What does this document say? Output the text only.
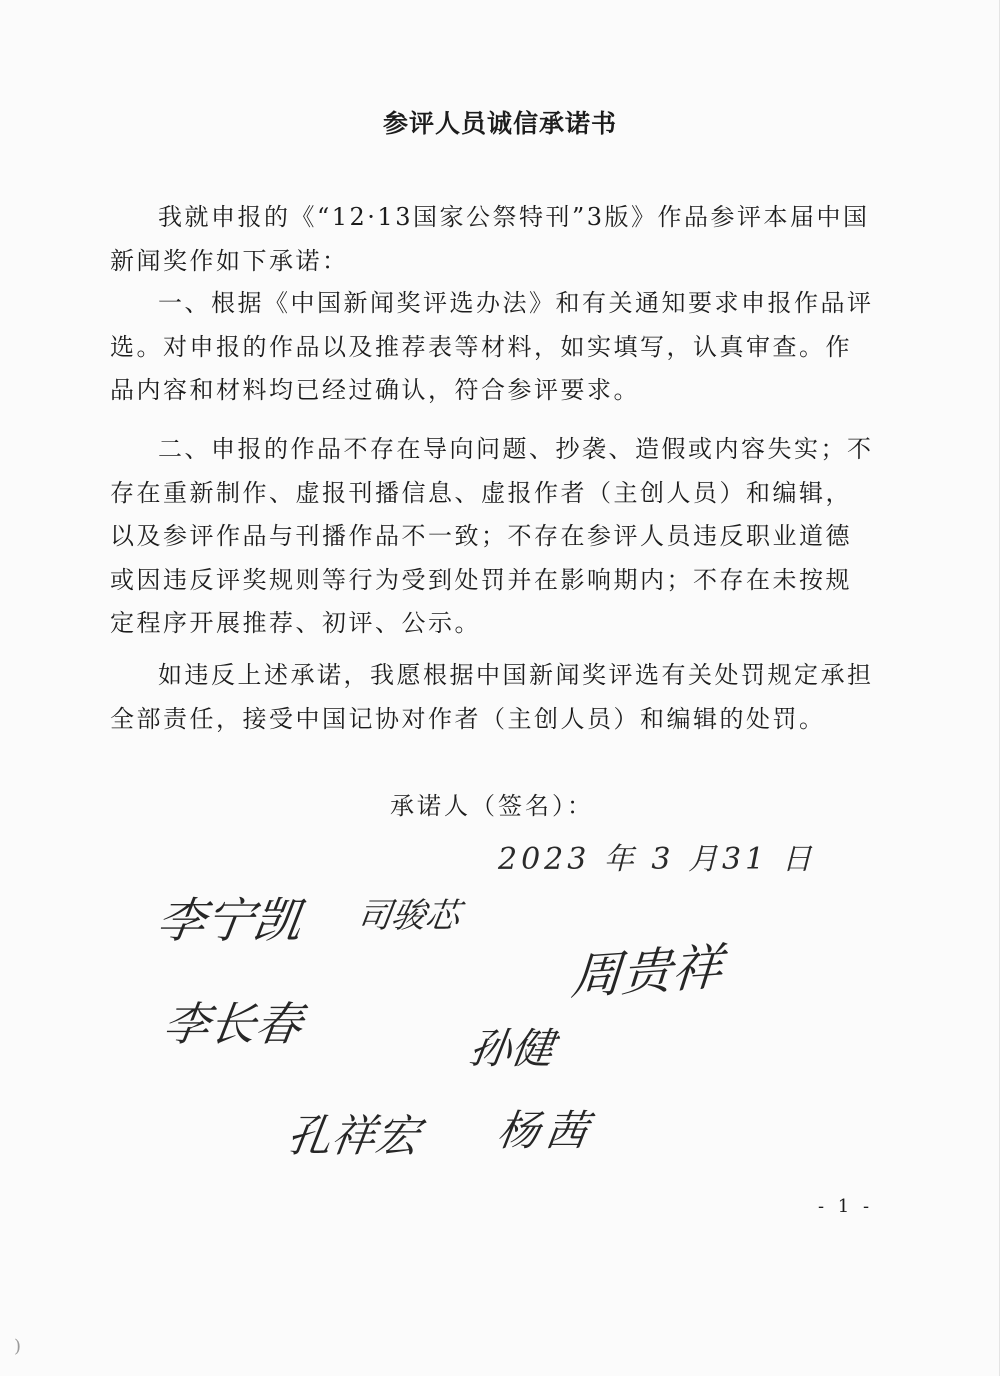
参评人员诚信承诺书

我就申报的《“12·13国家公祭特刊”3版》作品参评本届中国新闻奖作如下承诺：

一、根据《中国新闻奖评选办法》和有关通知要求申报作品评选。对申报的作品以及推荐表等材料，如实填写，认真审查。作品内容和材料均已经过确认，符合参评要求。

二、申报的作品不存在导向问题、抄袭、造假或内容失实；不存在重新制作、虚报刊播信息、虚报作者（主创人员）和编辑，以及参评作品与刊播作品不一致；不存在参评人员违反职业道德或因违反评奖规则等行为受到处罚并在影响期内；不存在未按规定程序开展推荐、初评、公示。

如违反上述承诺，我愿根据中国新闻奖评选有关处罚规定承担全部责任，接受中国记协对作者（主创人员）和编辑的处罚。

承诺人（签名）：
2023 年 3 月31 日
李宁凯 司骏芯
周贵祥
李长春	孙健
孔祥宏 杨茜
- 1 -
)
